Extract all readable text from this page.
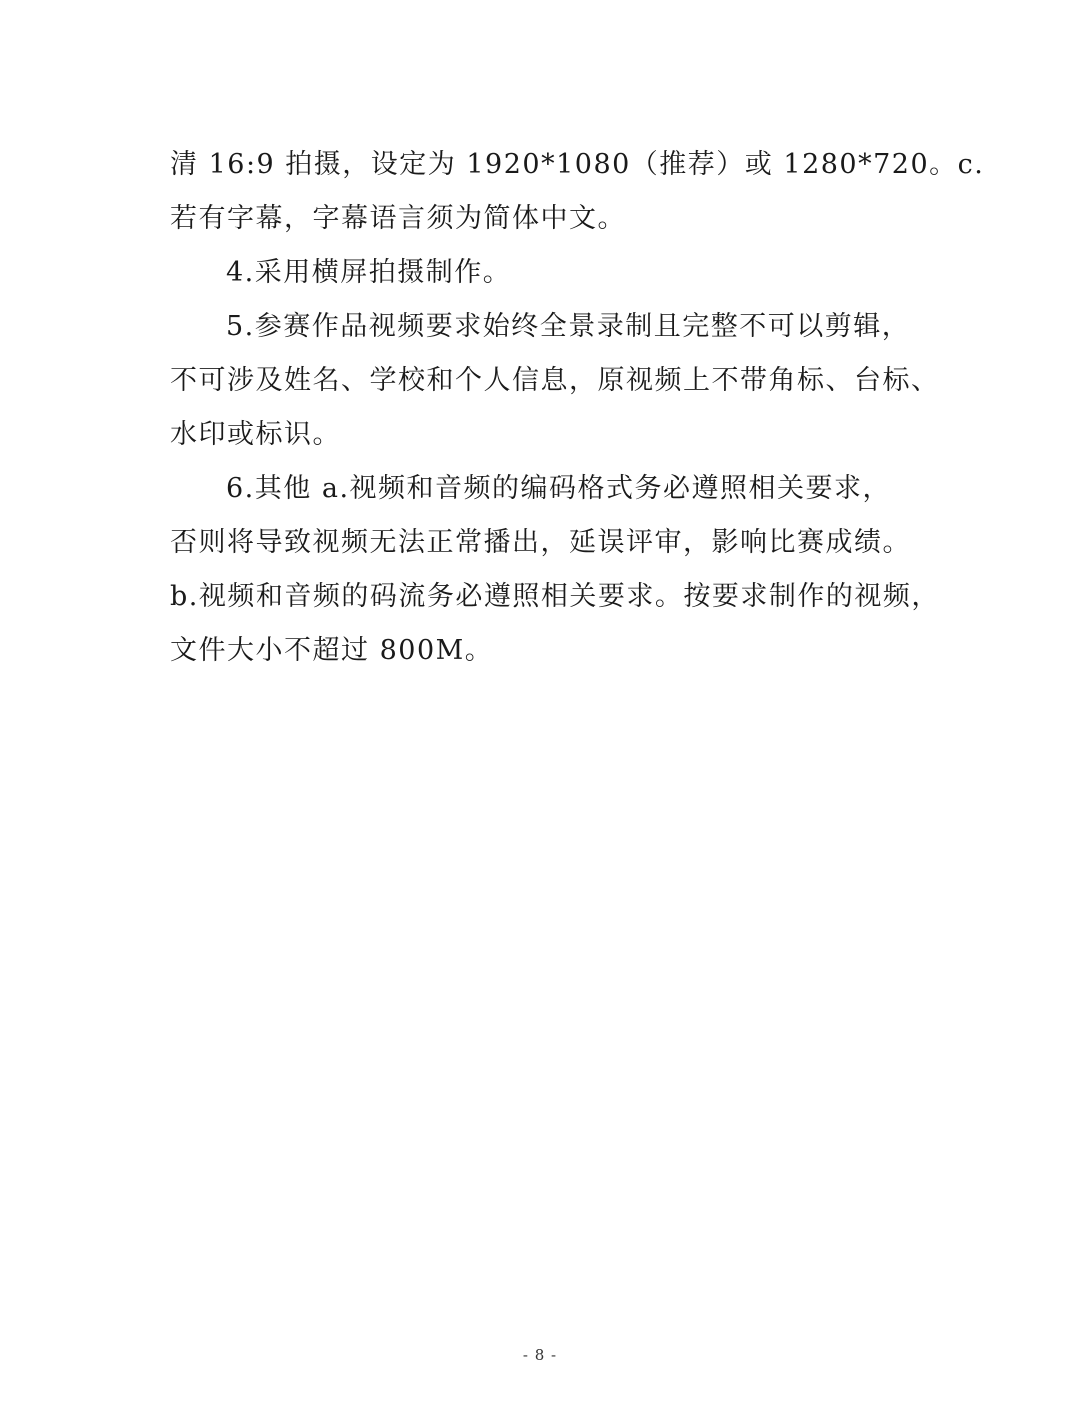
清 16:9 拍摄，设定为 1920*1080（推荐）或 1280*720。c.
若有字幕，字幕语言须为简体中文。
4.采用横屏拍摄制作。
5.参赛作品视频要求始终全景录制且完整不可以剪辑，
不可涉及姓名、学校和个人信息，原视频上不带角标、台标、
水印或标识。
6.其他 a.视频和音频的编码格式务必遵照相关要求，
否则将导致视频无法正常播出，延误评审，影响比赛成绩。
b.视频和音频的码流务必遵照相关要求。按要求制作的视频，
文件大小不超过 800M。
- 8 -
